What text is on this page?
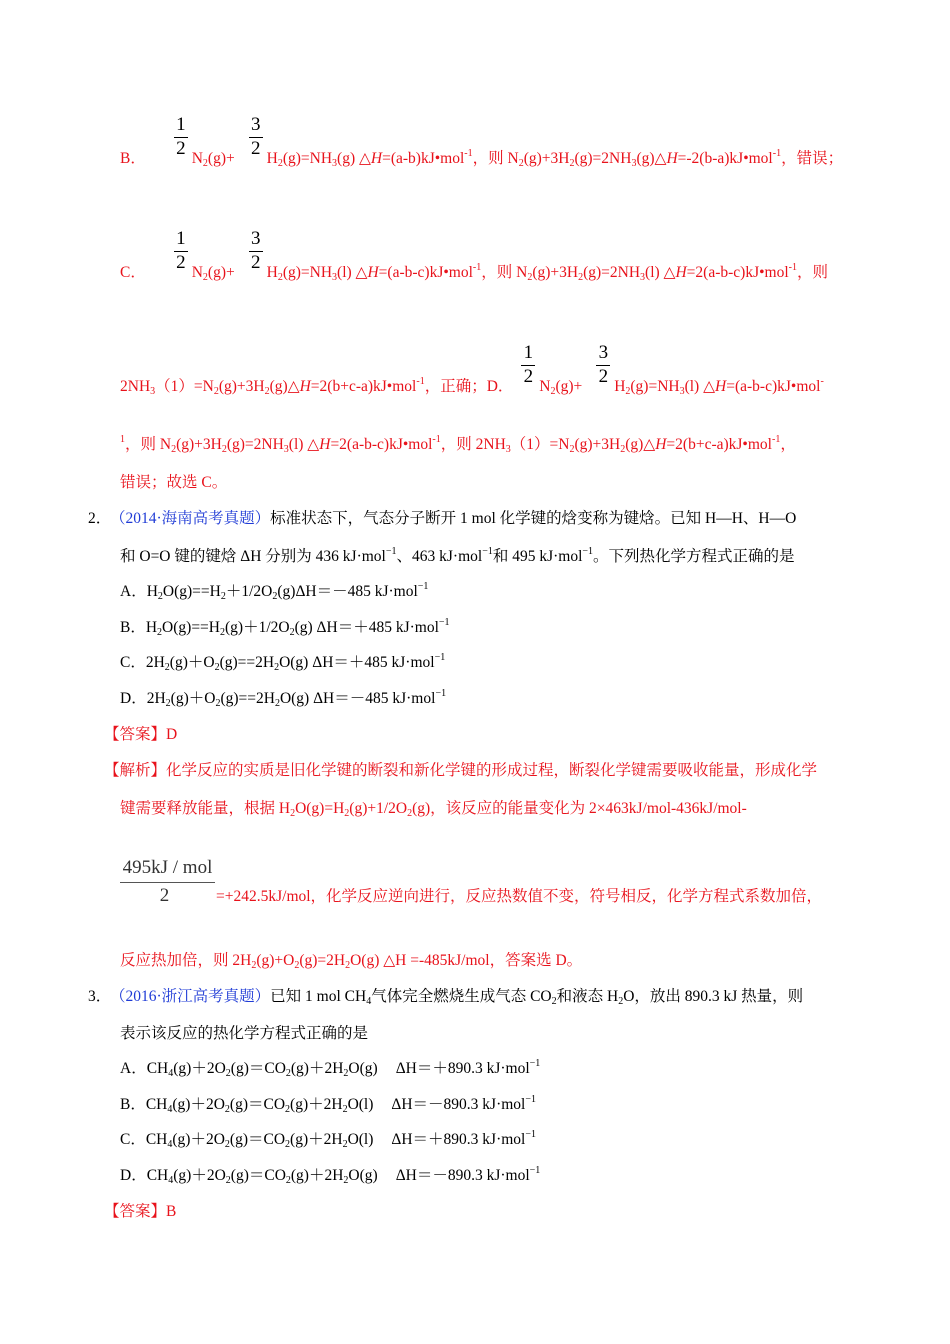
B． $\frac{1}{2} N_2(g)+ \frac{3}{2} H_2(g)=NH_3(g)$ △H=(a-b)kJ•mol$^{-1}$，则 $N_2(g)+3H_2(g)=2NH_3(g)\triangle H=-2(b-a)kJ•mol^{-1}$，错误；
C． $\frac{1}{2} N_2(g)+ \frac{3}{2} H_2(g)=NH_3(l)$ △H=(a-b-c)kJ•mol$^{-1}$，则 $N_2(g)+3H_2(g)=2NH_3(l)$ △H=2(a-b-c)kJ•mol$^{-1}$，则
$2NH_3(1)=N_2(g)+3H_2(g)\triangle H=2(b+c-a)kJ•mol^{-1}$，正确；D． $\frac{1}{2} N_2(g)+ \frac{3}{2} H_2(g)=NH_3(l)$ △H=(a-b-c)kJ•mol-
$^1$，则 $N_2(g)+3H_2(g)=2NH_3(l)$ △H=2(a-b-c)kJ•mol$^{-1}$，则 $2NH_3(1)=N_2(g)+3H_2(g)\triangle H=2(b+c-a)kJ•mol^{-1}$，
错误；故选 C。
2．
（2014·海南高考真题）标准状态下，气态分子断开 1 mol 化学键的焓变称为键焓。已知 H—H、H—O
和 O=O 键的键焓 ΔH 分别为 436 kJ·mol$^{-1}$、463 kJ·mol$^{-1}$和 495 kJ·mol$^{-1}$。下列热化学方程式正确的是
A．$H_2O(g)==H_2+1/2O_2(g)\Delta H=-485$ kJ·mol$^{-1}$
B．$H_2O(g)==H_2(g)+1/2O_2(g)$ ΔH＝＋485 kJ·mol$^{-1}$
C．$2H_2(g)+O_2(g)==2H_2O(g)$ ΔH＝＋485 kJ·mol$^{-1}$
D．$2H_2(g)+O_2(g)==2H_2O(g)$ ΔH＝－485 kJ·mol$^{-1}$
【答案】D
【解析】化学反应的实质是旧化学键的断裂和新化学键的形成过程，断裂化学键需要吸收能量，形成化学
键需要释放能量，根据 $H_2O(g)=H_2(g)+1/2O_2(g)$，该反应的能量变化为 2×463kJ/mol-436kJ/mol-
495kJ / mol
2	=+242.5kJ/mol，化学反应逆向进行，反应热数值不变，符号相反，化学方程式系数加倍，
反应热加倍，则 $2H_2(g)+O_2(g)=2H_2O(g)$ △H =-485kJ/mol，答案选 D。
3．
（2016·浙江高考真题）已知 1 mol $CH_4$气体完全燃烧生成气态 $CO_2$和液态 $H_2O$，放出 890.3 kJ 热量，则
表示该反应的热化学方程式正确的是
A．$CH_4(g)+2O_2(g)=CO_2(g)+2H_2O(g)$ ΔH＝＋890.3 kJ·mol$^{-1}$
B．$CH_4(g)+2O_2(g)=CO_2(g)+2H_2O(l)$ ΔH＝－890.3 kJ·mol$^{-1}$
C．$CH_4(g)+2O_2(g)=CO_2(g)+2H_2O(l)$ ΔH＝＋890.3 kJ·mol$^{-1}$
D．$CH_4(g)+2O_2(g)=CO_2(g)+2H_2O(g)$ ΔH＝－890.3 kJ·mol$^{-1}$
【答案】B
